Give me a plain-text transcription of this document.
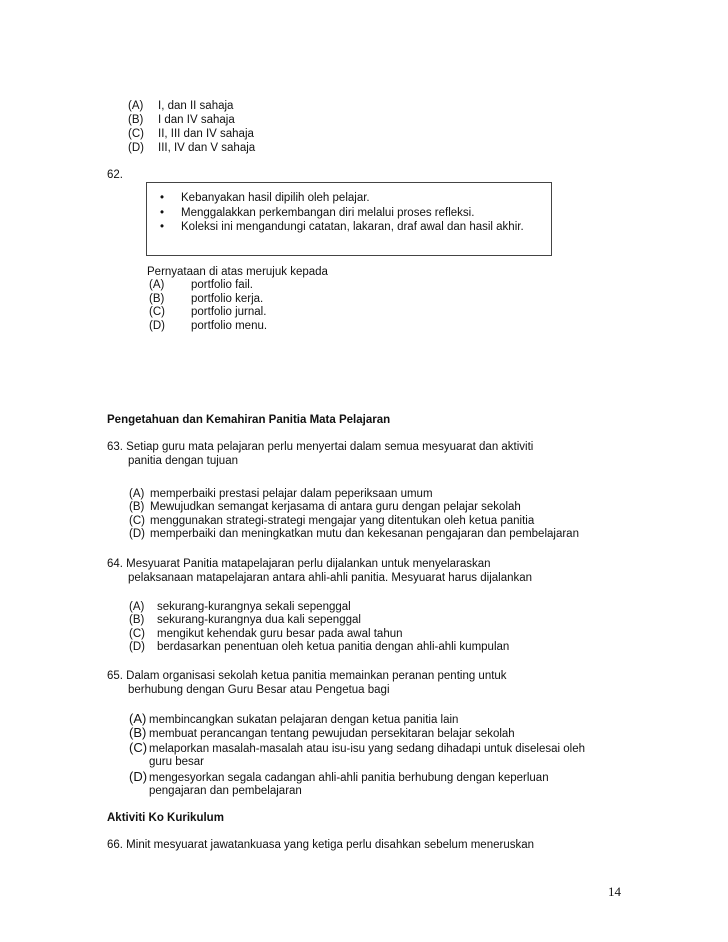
(A) I, dan II sahaja
(B) I dan IV sahaja
(C) II, III dan IV sahaja
(D) III, IV dan V sahaja
62.
•	Kebanyakan hasil dipilih oleh pelajar.
•	Menggalakkan perkembangan diri melalui proses refleksi.
•	Koleksi ini mengandungi catatan, lakaran, draf awal dan hasil akhir.
Pernyataan di atas merujuk kepada
(A) portfolio fail.
(B) portfolio kerja.
(C) portfolio jurnal.
(D) portfolio menu.
Pengetahuan dan Kemahiran Panitia Mata Pelajaran
63. Setiap guru mata pelajaran perlu menyertai dalam semua mesyuarat dan aktiviti
panitia dengan tujuan
(A) memperbaiki prestasi pelajar dalam peperiksaan umum
(B) Mewujudkan semangat kerjasama di antara guru dengan pelajar sekolah
(C) menggunakan strategi-strategi mengajar yang ditentukan oleh ketua panitia
(D) memperbaiki dan meningkatkan mutu dan kekesanan pengajaran dan pembelajaran
64. Mesyuarat Panitia matapelajaran perlu dijalankan untuk menyelaraskan
pelaksanaan matapelajaran antara ahli-ahli panitia. Mesyuarat harus dijalankan
(A) sekurang-kurangnya sekali sepenggal
(B) sekurang-kurangnya dua kali sepenggal
(C) mengikut kehendak guru besar pada awal tahun
(D) berdasarkan penentuan oleh ketua panitia dengan ahli-ahli kumpulan
65. Dalam organisasi sekolah ketua panitia memainkan peranan penting untuk
berhubung dengan Guru Besar atau Pengetua bagi
(A) membincangkan sukatan pelajaran dengan ketua panitia lain
(B) membuat perancangan tentang pewujudan persekitaran belajar sekolah
(C) melaporkan masalah-masalah atau isu-isu yang sedang dihadapi untuk diselesai oleh
guru besar
(D) mengesyorkan segala cadangan ahli-ahli panitia berhubung dengan keperluan
pengajaran dan pembelajaran
Aktiviti Ko Kurikulum
66. Minit mesyuarat jawatankuasa yang ketiga perlu disahkan sebelum meneruskan
14
